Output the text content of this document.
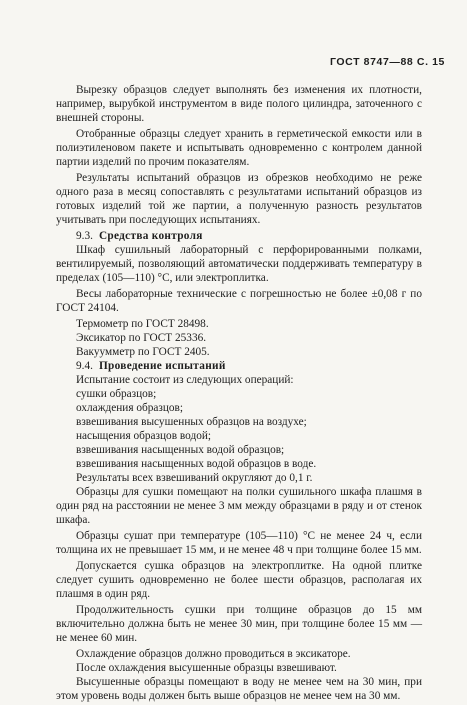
ГОСТ 8747—88 С. 15
Вырезку образцов следует выполнять без изменения их плотности, например, вырубкой инструментом в виде полого цилиндра, заточенного с внешней стороны.
Отобранные образцы следует хранить в герметической емкости или в полиэтиленовом пакете и испытывать одновременно с контролем данной партии изделий по прочим показателям.
Результаты испытаний образцов из обрезков необходимо не реже одного раза в месяц сопоставлять с результатами испытаний образцов из готовых изделий той же партии, а полученную разность результатов учитывать при последующих испытаниях.
9.3. Средства контроля
Шкаф сушильный лабораторный с перфорированными полками, вентилируемый, позволяющий автоматически поддерживать температуру в пределах (105—110) °С, или электроплитка.
Весы лабораторные технические с погрешностью не более ±0,08 г по ГОСТ 24104.
Термометр по ГОСТ 28498.
Эксикатор по ГОСТ 25336.
Вакуумметр по ГОСТ 2405.
9.4. Проведение испытаний
Испытание состоит из следующих операций:
сушки образцов;
охлаждения образцов;
взвешивания высушенных образцов на воздухе;
насыщения образцов водой;
взвешивания насыщенных водой образцов;
взвешивания насыщенных водой образцов в воде.
Результаты всех взвешиваний округляют до 0,1 г.
Образцы для сушки помещают на полки сушильного шкафа плашмя в один ряд на расстоянии не менее 3 мм между образцами в ряду и от стенок шкафа.
Образцы сушат при температуре (105—110) °С не менее 24 ч, если толщина их не превышает 15 мм, и не менее 48 ч при толщине более 15 мм.
Допускается сушка образцов на электроплитке. На одной плитке следует сушить одновременно не более шести образцов, располагая их плашмя в один ряд.
Продолжительность сушки при толщине образцов до 15 мм включительно должна быть не менее 30 мин, при толщине более 15 мм — не менее 60 мин.
Охлаждение образцов должно проводиться в эксикаторе.
После охлаждения высушенные образцы взвешивают.
Высушенные образцы помещают в воду не менее чем на 30 мин, при этом уровень воды должен быть выше образцов не менее чем на 30 мм.
